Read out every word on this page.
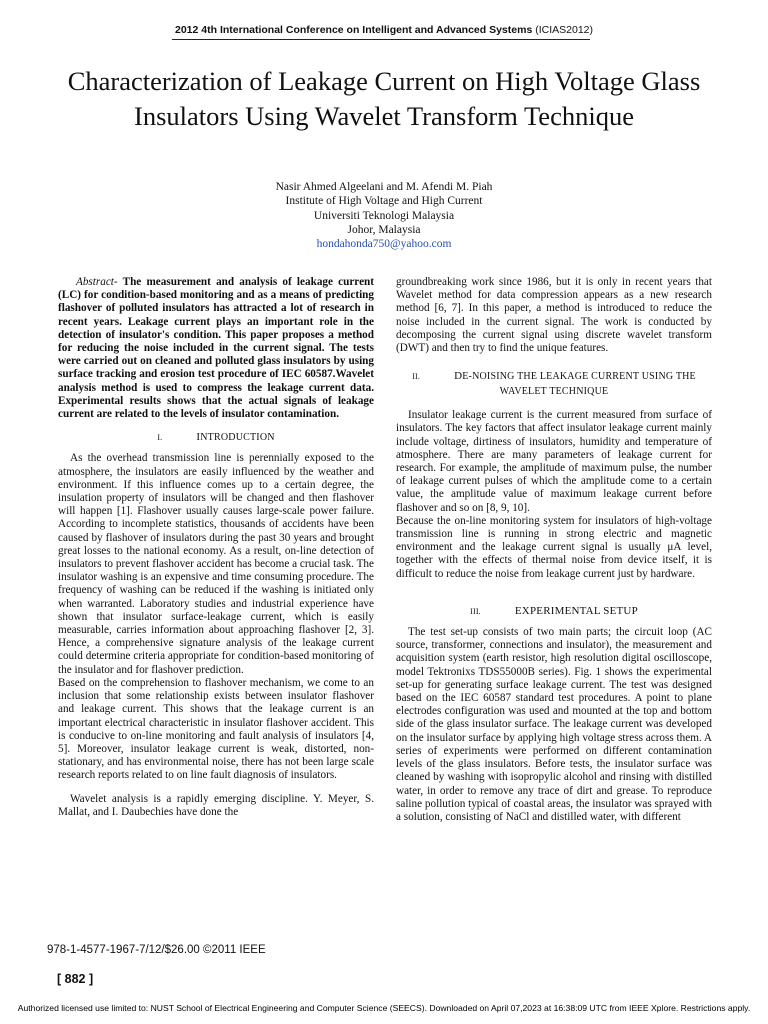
2012 4th International Conference on Intelligent and Advanced Systems (ICIAS2012)
Characterization of Leakage Current on High Voltage Glass Insulators Using Wavelet Transform Technique
Nasir Ahmed Algeelani and M. Afendi M. Piah
Institute of High Voltage and High Current
Universiti Teknologi Malaysia
Johor, Malaysia
hondahonda750@yahoo.com

Abstract- The measurement and analysis of leakage current (LC) for condition-based monitoring and as a means of predicting flashover of polluted insulators has attracted a lot of research in recent years. Leakage current plays an important role in the detection of insulator's condition. This paper proposes a method for reducing the noise included in the current signal. The tests were carried out on cleaned and polluted glass insulators by using surface tracking and erosion test procedure of IEC 60587.Wavelet analysis method is used to compress the leakage current data. Experimental results shows that the actual signals of leakage current are related to the levels of insulator contamination.

I.	INTRODUCTION

As the overhead transmission line is perennially exposed to the atmosphere, the insulators are easily influenced by the weather and environment. If this influence comes up to a certain degree, the insulation property of insulators will be changed and then flashover will happen [1]. Flashover usually causes large-scale power failure. According to incomplete statistics, thousands of accidents have been caused by flashover of insulators during the past 30 years and brought great losses to the national economy. As a result, on-line detection of insulators to prevent flashover accident has become a crucial task. The insulator washing is an expensive and time consuming procedure. The frequency of washing can be reduced if the washing is initiated only when warranted. Laboratory studies and industrial experience have shown that insulator surface-leakage current, which is easily measurable, carries information about approaching flashover [2, 3]. Hence, a comprehensive signature analysis of the leakage current could determine criteria appropriate for condition-based monitoring of the insulator and for flashover prediction.

Based on the comprehension to flashover mechanism, we come to an inclusion that some relationship exists between insulator flashover and leakage current. This shows that the leakage current is an important electrical characteristic in insulator flashover accident. This is conducive to on-line monitoring and fault analysis of insulators [4, 5]. Moreover, insulator leakage current is weak, distorted, non-stationary, and has environmental noise, there has not been large scale research reports related to on line fault diagnosis of insulators.

Wavelet analysis is a rapidly emerging discipline. Y. Meyer, S. Mallat, and I. Daubechies have done the

groundbreaking work since 1986, but it is only in recent years that Wavelet method for data compression appears as a new research method [6, 7]. In this paper, a method is introduced to reduce the noise included in the current signal. The work is conducted by decomposing the current signal using discrete wavelet transform (DWT) and then try to find the unique features.

II.	DE-NOISING THE LEAKAGE CURRENT USING THE
WAVELET TECHNIQUE

Insulator leakage current is the current measured from surface of insulators. The key factors that affect insulator leakage current mainly include voltage, dirtiness of insulators, humidity and temperature of atmosphere. There are many parameters of leakage current for research. For example, the amplitude of maximum pulse, the number of leakage current pulses of which the amplitude come to a certain value, the amplitude value of maximum leakage current before flashover and so on [8, 9, 10].

Because the on-line monitoring system for insulators of high-voltage transmission line is running in strong electric and magnetic environment and the leakage current signal is usually μA level, together with the effects of thermal noise from device itself, it is difficult to reduce the noise from leakage current just by hardware.

III.	EXPERIMENTAL SETUP

The test set-up consists of two main parts; the circuit loop (AC source, transformer, connections and insulator), the measurement and acquisition system (earth resistor, high resolution digital oscilloscope, model Tektronixs TDS55000B series). Fig. 1 shows the experimental set-up for generating surface leakage current. The test was designed based on the IEC 60587 standard test procedures. A point to plane electrodes configuration was used and mounted at the top and bottom side of the glass insulator surface. The leakage current was developed on the insulator surface by applying high voltage stress across them. A series of experiments were performed on different contamination levels of the glass insulators. Before tests, the insulator surface was cleaned by washing with isopropylic alcohol and rinsing with distilled water, in order to remove any trace of dirt and grease. To reproduce saline pollution typical of coastal areas, the insulator was sprayed with a solution, consisting of NaCl and distilled water, with different

978-1-4577-1967-7/12/$26.00 ©2011 IEEE
[ 882 ]
Authorized licensed use limited to: NUST School of Electrical Engineering and Computer Science (SEECS). Downloaded on April 07,2023 at 16:38:09 UTC from IEEE Xplore. Restrictions apply.
